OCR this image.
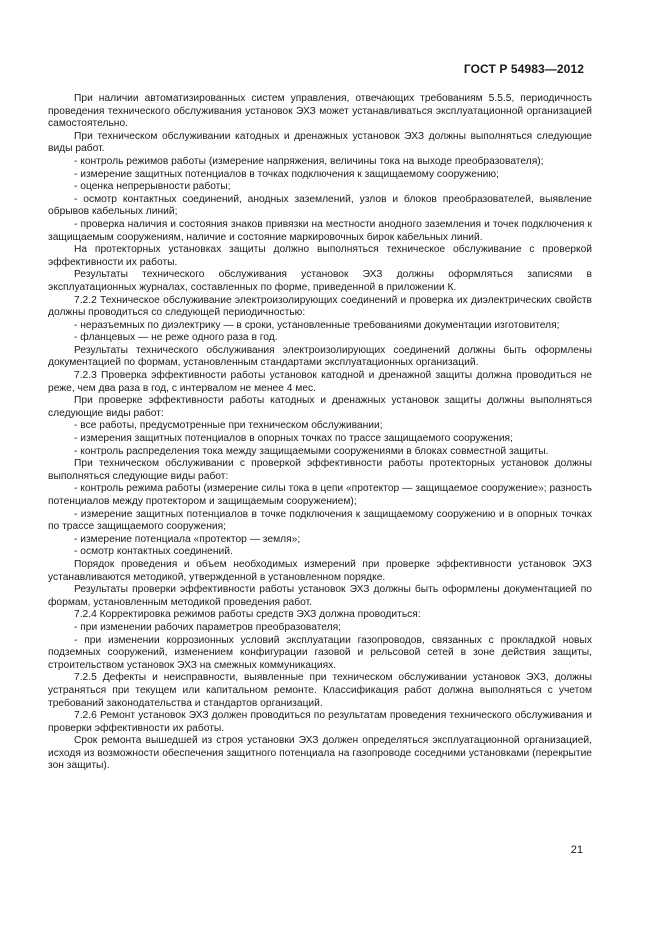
ГОСТ Р 54983—2012

При наличии автоматизированных систем управления, отвечающих требованиям 5.5.5, периодичность проведения технического обслуживания установок ЭХЗ может устанавливаться эксплуатационной организацией самостоятельно.

При техническом обслуживании катодных и дренажных установок ЭХЗ должны выполняться следующие виды работ.

- контроль режимов работы (измерение напряжения, величины тока на выходе преобразователя);

- измерение защитных потенциалов в точках подключения к защищаемому сооружению;

- оценка непрерывности работы;

- осмотр контактных соединений, анодных заземлений, узлов и блоков преобразователей, выявление обрывов кабельных линий;

- проверка наличия и состояния знаков привязки на местности анодного заземления и точек подключения к защищаемым сооружениям, наличие и состояние маркировочных бирок кабельных линий.

На протекторных установках защиты должно выполняться техническое обслуживание с проверкой эффективности их работы.

Результаты технического обслуживания установок ЭХЗ должны оформляться записями в эксплуатационных журналах, составленных по форме, приведенной в приложении К.

7.2.2 Техническое обслуживание электроизолирующих соединений и проверка их диэлектрических свойств должны проводиться со следующей периодичностью:

- неразъемных по диэлектрику — в сроки, установленные требованиями документации изготовителя;

- фланцевых — не реже одного раза в год.

Результаты технического обслуживания электроизолирующих соединений должны быть оформлены документацией по формам, установленным стандартами эксплуатационных организаций.

7.2.3 Проверка эффективности работы установок катодной и дренажной защиты должна проводиться не реже, чем два раза в год, с интервалом не менее 4 мес.

При проверке эффективности работы катодных и дренажных установок защиты должны выполняться следующие виды работ:

- все работы, предусмотренные при техническом обслуживании;

- измерения защитных потенциалов в опорных точках по трассе защищаемого сооружения;

- контроль распределения тока между защищаемыми сооружениями в блоках совместной защиты.

При техническом обслуживании с проверкой эффективности работы протекторных установок должны выполняться следующие виды работ:

- контроль режима работы (измерение силы тока в цепи «протектор — защищаемое сооружение»; разность потенциалов между протектором и защищаемым сооружением);

- измерение защитных потенциалов в точке подключения к защищаемому сооружению и в опорных точках по трассе защищаемого сооружения;

- измерение потенциала «протектор — земля»;

- осмотр контактных соединений.

Порядок проведения и объем необходимых измерений при проверке эффективности установок ЭХЗ устанавливаются методикой, утвержденной в установленном порядке.

Результаты проверки эффективности работы установок ЭХЗ должны быть оформлены документацией по формам, установленным методикой проведения работ.

7.2.4 Корректировка режимов работы средств ЭХЗ должна проводиться:

- при изменении рабочих параметров преобразователя;

- при изменении коррозионных условий эксплуатации газопроводов, связанных с прокладкой новых подземных сооружений, изменением конфигурации газовой и рельсовой сетей в зоне действия защиты, строительством установок ЭХЗ на смежных коммуникациях.

7.2.5 Дефекты и неисправности, выявленные при техническом обслуживании установок ЭХЗ, должны устраняться при текущем или капитальном ремонте. Классификация работ должна выполняться с учетом требований законодательства и стандартов организаций.

7.2.6 Ремонт установок ЭХЗ должен проводиться по результатам проведения технического обслуживания и проверки эффективности их работы.

Срок ремонта вышедшей из строя установки ЭХЗ должен определяться эксплуатационной организацией, исходя из возможности обеспечения защитного потенциала на газопроводе соседними установками (перекрытие зон защиты).

21
